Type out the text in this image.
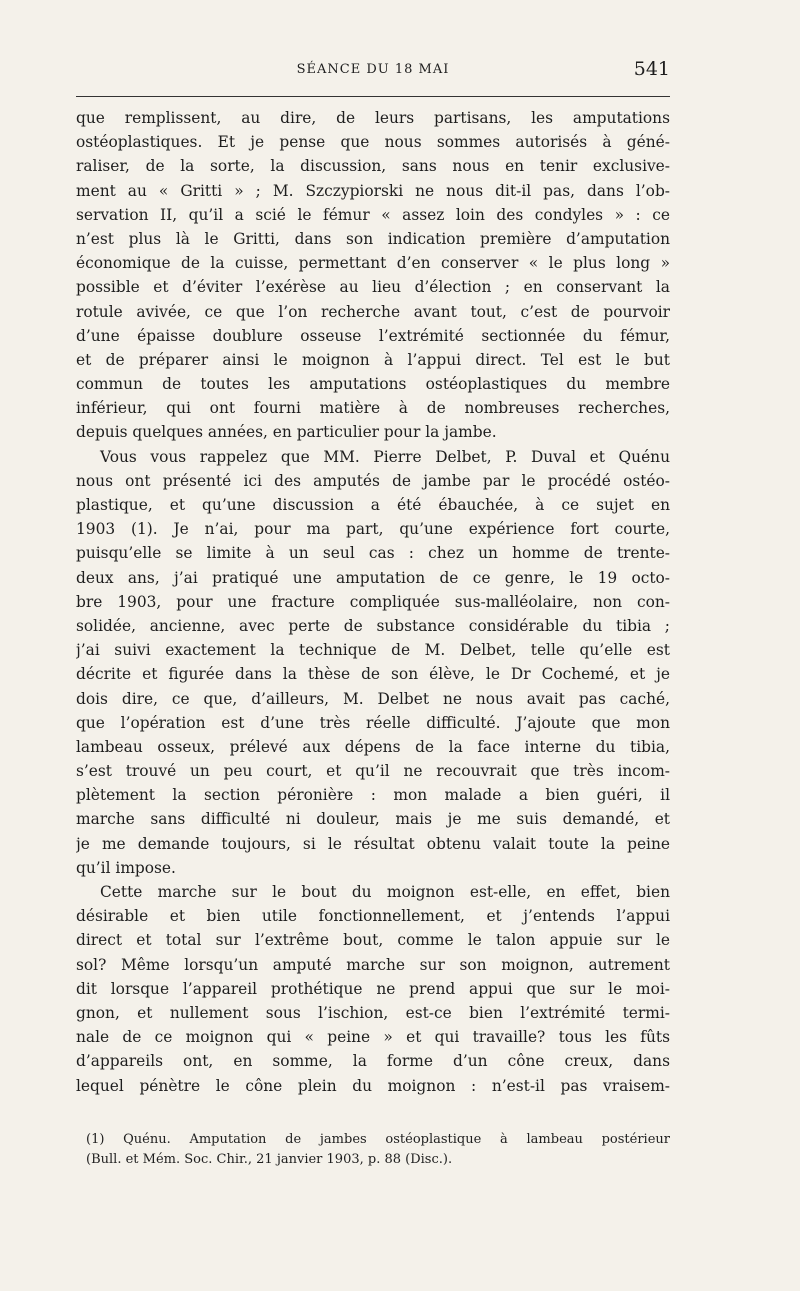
SÉANCE DU 18 MAI	541
que remplissent, au dire, de leurs partisans, les amputations
ostéoplastiques. Et je pense que nous sommes autorisés à géné-
raliser, de la sorte, la discussion, sans nous en tenir exclusive-
ment au « Gritti » ; M. Szczypiorski ne nous dit-il pas, dans l’ob-
servation II, qu’il a scié le fémur « assez loin des condyles » : ce
n’est plus là le Gritti, dans son indication première d’amputation
économique de la cuisse, permettant d’en conserver « le plus long »
possible et d’éviter l’exérèse au lieu d’élection ; en conservant la
rotule avivée, ce que l’on recherche avant tout, c’est de pourvoir
d’une épaisse doublure osseuse l’extrémité sectionnée du fémur,
et de préparer ainsi le moignon à l’appui direct. Tel est le but
commun de toutes les amputations ostéoplastiques du membre
inférieur, qui ont fourni matière à de nombreuses recherches,
depuis quelques années, en particulier pour la jambe.
Vous vous rappelez que MM. Pierre Delbet, P. Duval et Quénu
nous ont présenté ici des amputés de jambe par le procédé ostéo-
plastique, et qu’une discussion a été ébauchée, à ce sujet en
1903 (1). Je n’ai, pour ma part, qu’une expérience fort courte,
puisqu’elle se limite à un seul cas : chez un homme de trente-
deux ans, j’ai pratiqué une amputation de ce genre, le 19 octo-
bre 1903, pour une fracture compliquée sus-malléolaire, non con-
solidée, ancienne, avec perte de substance considérable du tibia ;
j’ai suivi exactement la technique de M. Delbet, telle qu’elle est
décrite et figurée dans la thèse de son élève, le Dr Cochemé, et je
dois dire, ce que, d’ailleurs, M. Delbet ne nous avait pas caché,
que l’opération est d’une très réelle difficulté. J’ajoute que mon
lambeau osseux, prélevé aux dépens de la face interne du tibia,
s’est trouvé un peu court, et qu’il ne recouvrait que très incom-
plètement la section péronière : mon malade a bien guéri, il
marche sans difficulté ni douleur, mais je me suis demandé, et
je me demande toujours, si le résultat obtenu valait toute la peine
qu’il impose.
Cette marche sur le bout du moignon est-elle, en effet, bien
désirable et bien utile fonctionnellement, et j’entends l’appui
direct et total sur l’extrême bout, comme le talon appuie sur le
sol? Même lorsqu’un amputé marche sur son moignon, autrement
dit lorsque l’appareil prothétique ne prend appui que sur le moi-
gnon, et nullement sous l’ischion, est-ce bien l’extrémité termi-
nale de ce moignon qui « peine » et qui travaille? tous les fûts
d’appareils ont, en somme, la forme d’un cône creux, dans
lequel pénètre le cône plein du moignon : n’est-il pas vraisem-
(1) Quénu. Amputation de jambes ostéoplastique à lambeau postérieur
(Bull. et Mém. Soc. Chir., 21 janvier 1903, p. 88 (Disc.).
